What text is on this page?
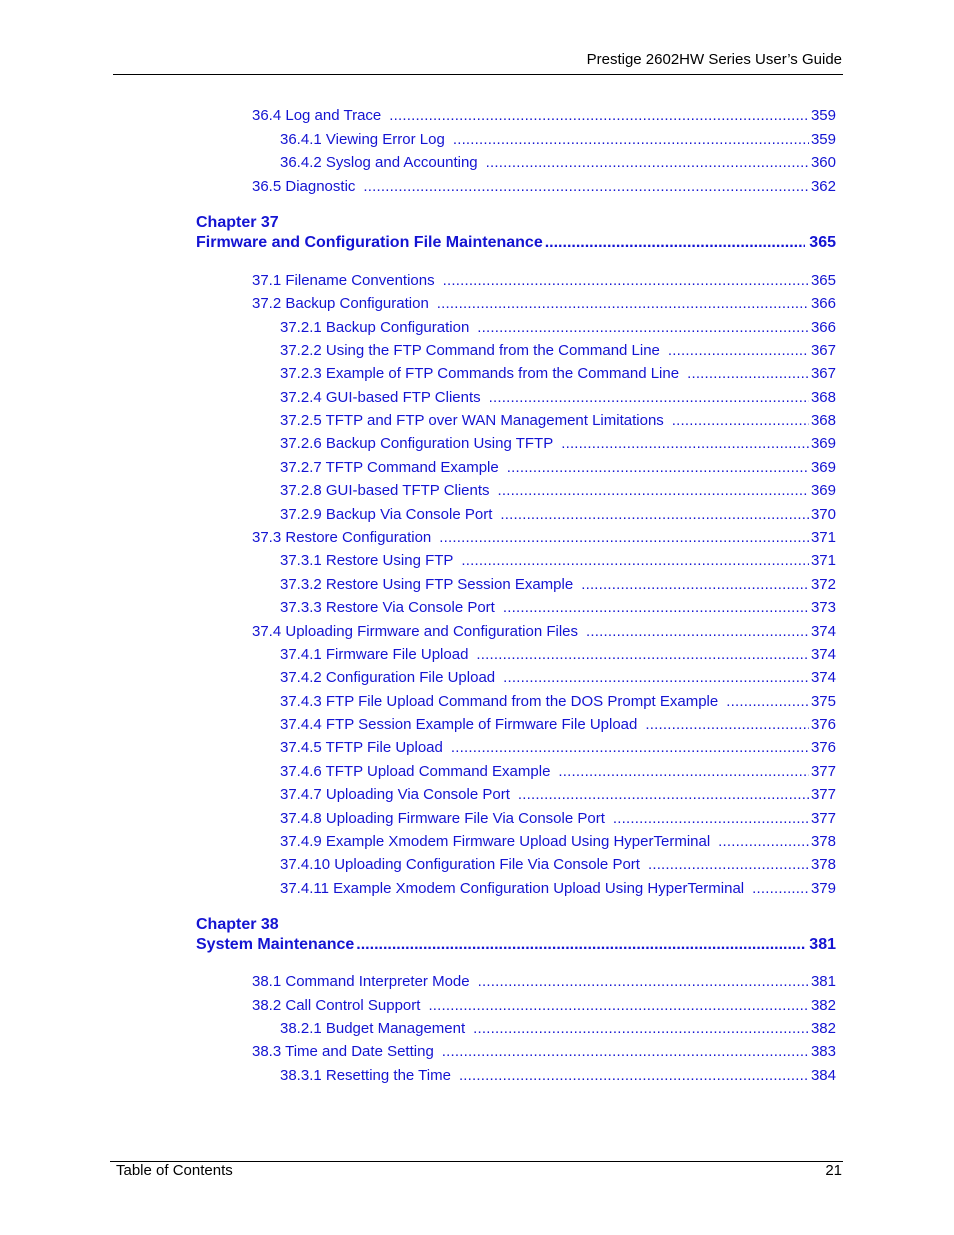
Prestige 2602HW Series User’s Guide
36.4 Log and Trace .....	359
36.4.1 Viewing Error Log .....	359
36.4.2 Syslog and Accounting .....	360
36.5 Diagnostic .....	362
Chapter 37
Firmware and Configuration File Maintenance .....	365
37.1 Filename Conventions .....	365
37.2 Backup Configuration .....	366
37.2.1 Backup Configuration .....	366
37.2.2 Using the FTP Command from the Command Line .....	367
37.2.3 Example of FTP Commands from the Command Line .....	367
37.2.4 GUI-based FTP Clients .....	368
37.2.5 TFTP and FTP over WAN Management Limitations .....	368
37.2.6 Backup Configuration Using TFTP .....	369
37.2.7 TFTP Command Example .....	369
37.2.8 GUI-based TFTP Clients .....	369
37.2.9 Backup Via Console Port .....	370
37.3 Restore Configuration .....	371
37.3.1 Restore Using FTP .....	371
37.3.2 Restore Using FTP Session Example .....	372
37.3.3 Restore Via Console Port .....	373
37.4 Uploading Firmware and Configuration Files .....	374
37.4.1 Firmware File Upload .....	374
37.4.2 Configuration File Upload .....	374
37.4.3 FTP File Upload Command from the DOS Prompt Example .....	375
37.4.4 FTP Session Example of Firmware File Upload .....	376
37.4.5 TFTP File Upload .....	376
37.4.6 TFTP Upload Command Example .....	377
37.4.7 Uploading Via Console Port .....	377
37.4.8 Uploading Firmware File Via Console Port .....	377
37.4.9 Example Xmodem Firmware Upload Using HyperTerminal .....	378
37.4.10 Uploading Configuration File Via Console Port .....	378
37.4.11 Example Xmodem Configuration Upload Using HyperTerminal .....	379
Chapter 38
System Maintenance .....	381
38.1 Command Interpreter Mode .....	381
38.2 Call Control Support .....	382
38.2.1 Budget Management .....	382
38.3 Time and Date Setting .....	383
38.3.1 Resetting the Time .....	384
Table of Contents	21
